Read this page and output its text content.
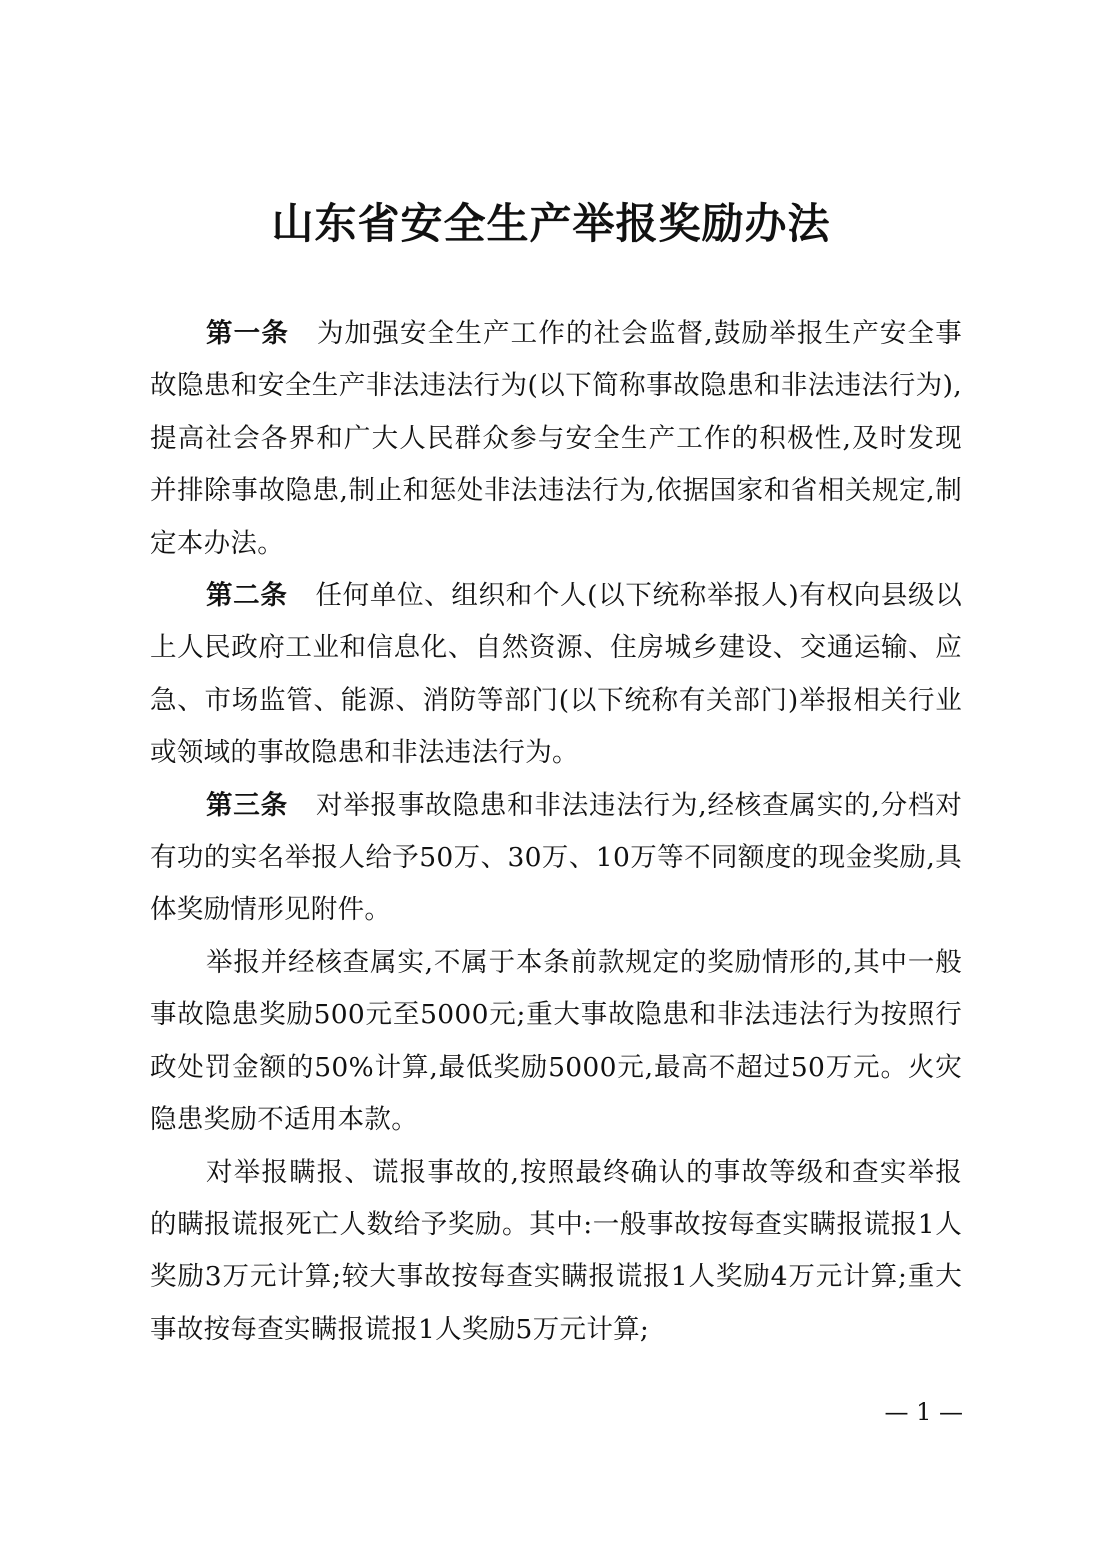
山东省安全生产举报奖励办法

第一条 为加强安全生产工作的社会监督,鼓励举报生产安全事故隐患和安全生产非法违法行为(以下简称事故隐患和非法违法行为),提高社会各界和广大人民群众参与安全生产工作的积极性,及时发现并排除事故隐患,制止和惩处非法违法行为,依据国家和省相关规定,制定本办法。

第二条 任何单位、组织和个人(以下统称举报人)有权向县级以上人民政府工业和信息化、自然资源、住房城乡建设、交通运输、应急、市场监管、能源、消防等部门(以下统称有关部门)举报相关行业或领域的事故隐患和非法违法行为。

第三条 对举报事故隐患和非法违法行为,经核查属实的,分档对有功的实名举报人给予50万、30万、10万等不同额度的现金奖励,具体奖励情形见附件。

举报并经核查属实,不属于本条前款规定的奖励情形的,其中一般事故隐患奖励500元至5000元;重大事故隐患和非法违法行为按照行政处罚金额的50%计算,最低奖励5000元,最高不超过50万元。火灾隐患奖励不适用本款。

对举报瞒报、谎报事故的,按照最终确认的事故等级和查实举报的瞒报谎报死亡人数给予奖励。其中:一般事故按每查实瞒报谎报1人奖励3万元计算;较大事故按每查实瞒报谎报1人奖励4万元计算;重大事故按每查实瞒报谎报1人奖励5万元计算;

— 1 —
